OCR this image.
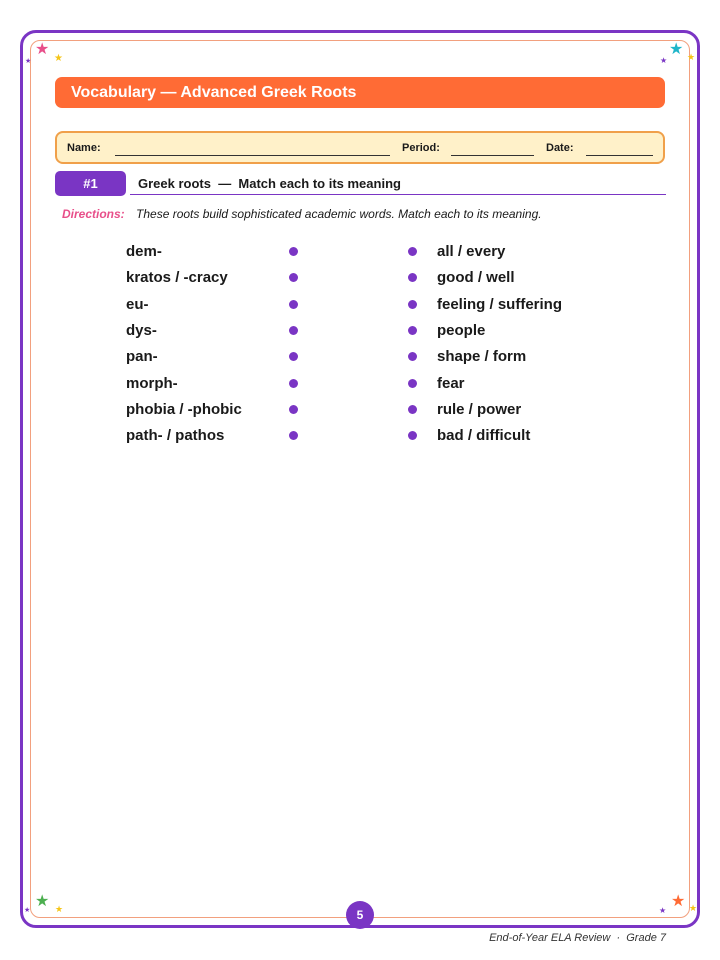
★
★
★
★
★ ★
★ ★
★
★
★	★
Vocabulary — Advanced Greek Roots
Name:	Period:	Date:
#1	Greek roots  —  Match each to its meaning
Directions: These roots build sophisticated academic words. Match each to its meaning.
dem-	all / every
kratos / -cracy	good / well
eu-	feeling / suffering
dys-	people
pan-	shape / form
morph-	fear
phobia / -phobic	rule / power
path- / pathos	bad / difficult
5
End-of-Year ELA Review  ·  Grade 7
